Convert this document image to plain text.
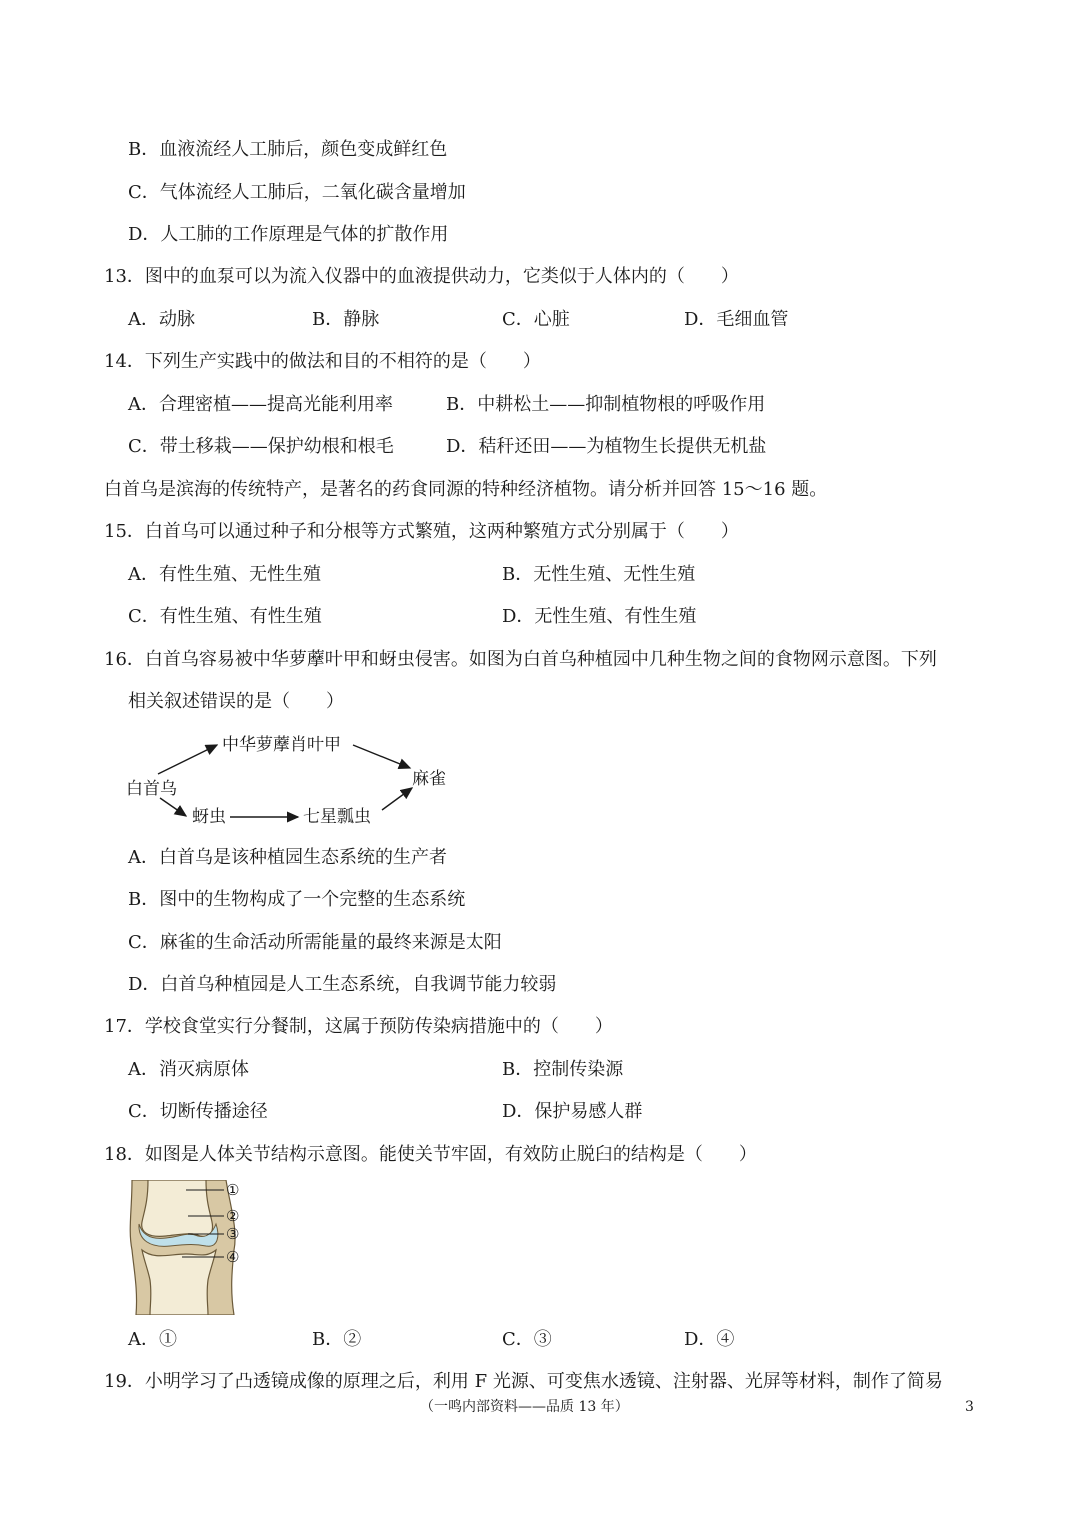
B．血液流经人工肺后，颜色变成鲜红色
C．气体流经人工肺后，二氧化碳含量增加
D．人工肺的工作原理是气体的扩散作用
13．图中的血泵可以为流入仪器中的血液提供动力，它类似于人体内的（　　）
A．动脉	B．静脉	C．心脏	D．毛细血管
14．下列生产实践中的做法和目的不相符的是（　　）
A．合理密植——提高光能利用率	B．中耕松土——抑制植物根的呼吸作用
C．带土移栽——保护幼根和根毛	D．秸秆还田——为植物生长提供无机盐
白首乌是滨海的传统特产，是著名的药食同源的特种经济植物。请分析并回答 15～16 题。
15．白首乌可以通过种子和分根等方式繁殖，这两种繁殖方式分别属于（　　）
A．有性生殖、无性生殖	B．无性生殖、无性生殖
C．有性生殖、有性生殖	D．无性生殖、有性生殖
16．白首乌容易被中华萝藦叶甲和蚜虫侵害。如图为白首乌种植园中几种生物之间的食物网示意图。下列
相关叙述错误的是（　　）
中华萝藦肖叶甲
麻雀
白首乌
蚜虫	七星瓢虫
A．白首乌是该种植园生态系统的生产者
B．图中的生物构成了一个完整的生态系统
C．麻雀的生命活动所需能量的最终来源是太阳
D．白首乌种植园是人工生态系统，自我调节能力较弱
17．学校食堂实行分餐制，这属于预防传染病措施中的（　　）
A．消灭病原体	B．控制传染源
C．切断传播途径	D．保护易感人群
18．如图是人体关节结构示意图。能使关节牢固，有效防止脱臼的结构是（　　）
①
②
③
④
A．①	B．②	C．③	D．④
19．小明学习了凸透镜成像的原理之后，利用 F 光源、可变焦水透镜、注射器、光屏等材料，制作了简易
（一鸣内部资料——品质 13 年）	3
